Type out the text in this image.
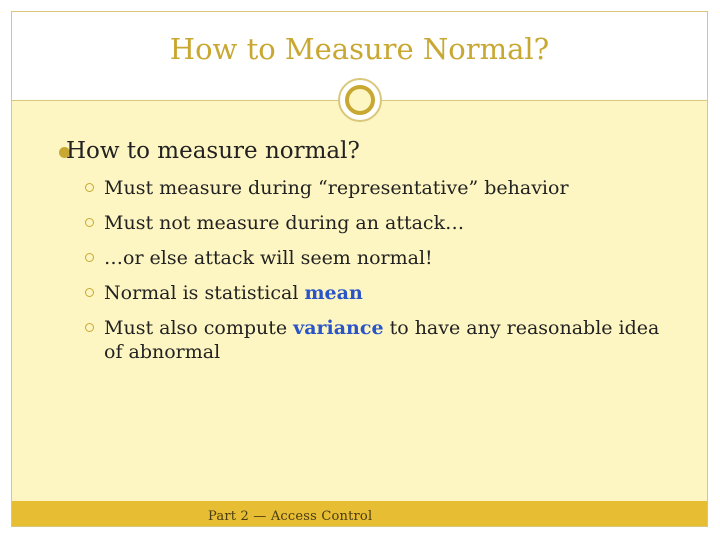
How to Measure Normal?
How to measure normal?
Must measure during “representative” behavior
Must not measure during an attack…
…or else attack will seem normal!
Normal is statistical mean
Must also compute variance to have any reasonable idea
of abnormal
Part 2 — Access Control
